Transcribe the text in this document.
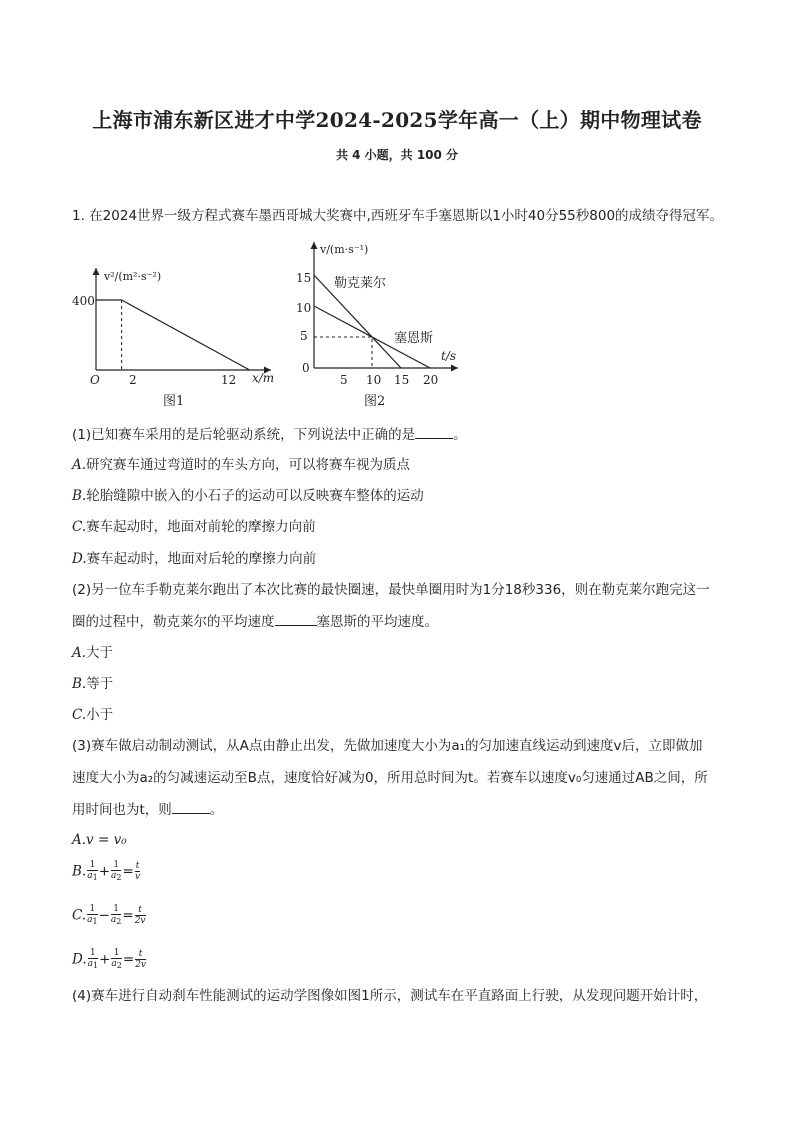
上海市浦东新区进才中学2024-2025学年高一（上）期中物理试卷
共 4 小题，共 100 分
1. 在2024世界一级方程式赛车墨西哥城大奖赛中,西班牙车手塞恩斯以1小时40分55秒800的成绩夺得冠军。
v²/(m²·s⁻²)
x/m
O
400
2	12
图1
v/(m·s⁻¹)
t/s
15
10
5
0
5 10 15 20
勒克莱尔
塞恩斯
图2
(1)已知赛车采用的是后轮驱动系统，下列说法中正确的是	。
A.研究赛车通过弯道时的车头方向，可以将赛车视为质点
B.轮胎缝隙中嵌入的小石子的运动可以反映赛车整体的运动
C.赛车起动时，地面对前轮的摩擦力向前
D.赛车起动时，地面对后轮的摩擦力向前
(2)另一位车手勒克莱尔跑出了本次比赛的最快圈速，最快单圈用时为1分18秒336，则在勒克莱尔跑完这一
圈的过程中，勒克莱尔的平均速度	塞恩斯的平均速度。
A.大于
B.等于
C.小于
(3)赛车做启动制动测试，从A点由静止出发，先做加速度大小为a₁的匀加速直线运动到速度v后，立即做加
速度大小为a₂的匀减速运动至B点，速度恰好减为0，所用总时间为t。若赛车以速度v₀匀速通过AB之间，所
用时间也为t，则	。
A.v = v₀
B. $\frac{1}{a1} + \frac{1}{a2} = \frac{t}{v}$
C. $\frac{1}{a1} - \frac{1}{a2} = \frac{t}{2v}$
D. $\frac{1}{a1} + \frac{1}{a2} = \frac{t}{2v}$
(4)赛车进行自动刹车性能测试的运动学图像如图1所示，测试车在平直路面上行驶，从发现问题开始计时，
